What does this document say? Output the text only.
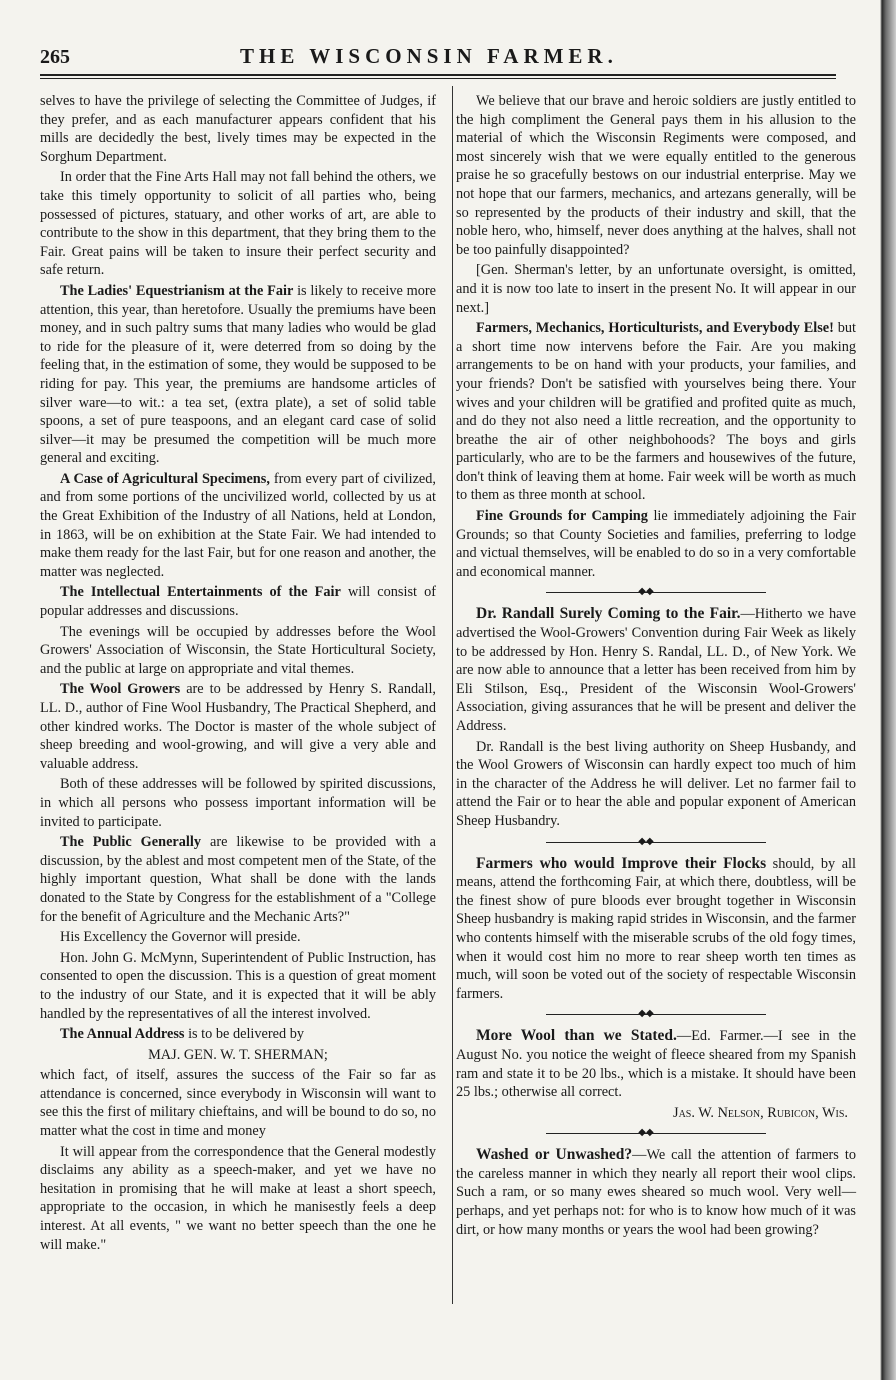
265	THE WISCONSIN FARMER.

selves to have the privilege of selecting the Committee of Judges, if they prefer, and as each manufacturer appears confident that his mills are decidedly the best, lively times may be expected in the Sorghum Department.

In order that the Fine Arts Hall may not fall behind the others, we take this timely opportunity to solicit of all parties who, being possessed of pictures, statuary, and other works of art, are able to contribute to the show in this department, that they bring them to the Fair. Great pains will be taken to insure their perfect security and safe return.

The Ladies' Equestrianism at the Fair is likely to receive more attention, this year, than heretofore. Usually the premiums have been money, and in such paltry sums that many ladies who would be glad to ride for the pleasure of it, were deterred from so doing by the feeling that, in the estimation of some, they would be supposed to be riding for pay. This year, the premiums are handsome articles of silver ware—to wit.: a tea set, (extra plate), a set of solid table spoons, a set of pure teaspoons, and an elegant card case of solid silver—it may be presumed the competition will be much more general and exciting.

A Case of Agricultural Specimens, from every part of civilized, and from some portions of the uncivilized world, collected by us at the Great Exhibition of the Industry of all Nations, held at London, in 1863, will be on exhibition at the State Fair. We had intended to make them ready for the last Fair, but for one reason and another, the matter was neglected.

The Intellectual Entertainments of the Fair will consist of popular addresses and discussions.

The evenings will be occupied by addresses before the Wool Growers' Association of Wisconsin, the State Horticultural Society, and the public at large on appropriate and vital themes.

The Wool Growers are to be addressed by Henry S. Randall, LL. D., author of Fine Wool Husbandry, The Practical Shepherd, and other kindred works. The Doctor is master of the whole subject of sheep breeding and wool-growing, and will give a very able and valuable address.

Both of these addresses will be followed by spirited discussions, in which all persons who possess important information will be invited to participate.

The Public Generally are likewise to be provided with a discussion, by the ablest and most competent men of the State, of the highly important question, What shall be done with the lands donated to the State by Congress for the establishment of a "College for the benefit of Agriculture and the Mechanic Arts?"

His Excellency the Governor will preside.

Hon. John G. McMynn, Superintendent of Public Instruction, has consented to open the discussion. This is a question of great moment to the industry of our State, and it is expected that it will be ably handled by the representatives of all the interest involved.

The Annual Address is to be delivered by

MAJ. GEN. W. T. SHERMAN;

which fact, of itself, assures the success of the Fair so far as attendance is concerned, since everybody in Wisconsin will want to see this the first of military chieftains, and will be bound to do so, no matter what the cost in time and money

It will appear from the correspondence that the General modestly disclaims any ability as a speech-maker, and yet we have no hesitation in promising that he will make at least a short speech, appropriate to the occasion, in which he manisestly feels a deep interest. At all events, " we want no better speech than the one he will make."

We believe that our brave and heroic soldiers are justly entitled to the high compliment the General pays them in his allusion to the material of which the Wisconsin Regiments were composed, and most sincerely wish that we were equally entitled to the generous praise he so gracefully bestows on our industrial enterprise. May we not hope that our farmers, mechanics, and artezans generally, will be so represented by the products of their industry and skill, that the noble hero, who, himself, never does anything at the halves, shall not be too painfully disappointed?

[Gen. Sherman's letter, by an unfortunate oversight, is omitted, and it is now too late to insert in the present No. It will appear in our next.]

Farmers, Mechanics, Horticulturists, and Everybody Else! but a short time now intervens before the Fair. Are you making arrangements to be on hand with your products, your families, and your friends? Don't be satisfied with yourselves being there. Your wives and your children will be gratified and profited quite as much, and do they not also need a little recreation, and the opportunity to breathe the air of other neighbohoods? The boys and girls particularly, who are to be the farmers and housewives of the future, don't think of leaving them at home. Fair week will be worth as much to them as three month at school.

Fine Grounds for Camping lie immediately adjoining the Fair Grounds; so that County Societies and families, preferring to lodge and victual themselves, will be enabled to do so in a very comfortable and economical manner.

◆◆

Dr. Randall Surely Coming to the Fair.—Hitherto we have advertised the Wool-Growers' Convention during Fair Week as likely to be addressed by Hon. Henry S. Randal, LL. D., of New York. We are now able to announce that a letter has been received from him by Eli Stilson, Esq., President of the Wisconsin Wool-Growers' Association, giving assurances that he will be present and deliver the Address.

Dr. Randall is the best living authority on Sheep Husbandy, and the Wool Growers of Wisconsin can hardly expect too much of him in the character of the Address he will deliver. Let no farmer fail to attend the Fair or to hear the able and popular exponent of American Sheep Husbandry.

◆◆

Farmers who would Improve their Flocks should, by all means, attend the forthcoming Fair, at which there, doubtless, will be the finest show of pure bloods ever brought together in Wisconsin Sheep husbandry is making rapid strides in Wisconsin, and the farmer who contents himself with the miserable scrubs of the old fogy times, when it would cost him no more to rear sheep worth ten times as much, will soon be voted out of the society of respectable Wisconsin farmers.

◆◆

More Wool than we Stated.—Ed. Farmer.—I see in the August No. you notice the weight of fleece sheared from my Spanish ram and state it to be 20 lbs., which is a mistake. It should have been 25 lbs.; otherwise all correct.

Jas. W. Nelson, Rubicon, Wis.

◆◆

Washed or Unwashed?—We call the attention of farmers to the careless manner in which they nearly all report their wool clips. Such a ram, or so many ewes sheared so much wool. Very well—perhaps, and yet perhaps not: for who is to know how much of it was dirt, or how many months or years the wool had been growing?
